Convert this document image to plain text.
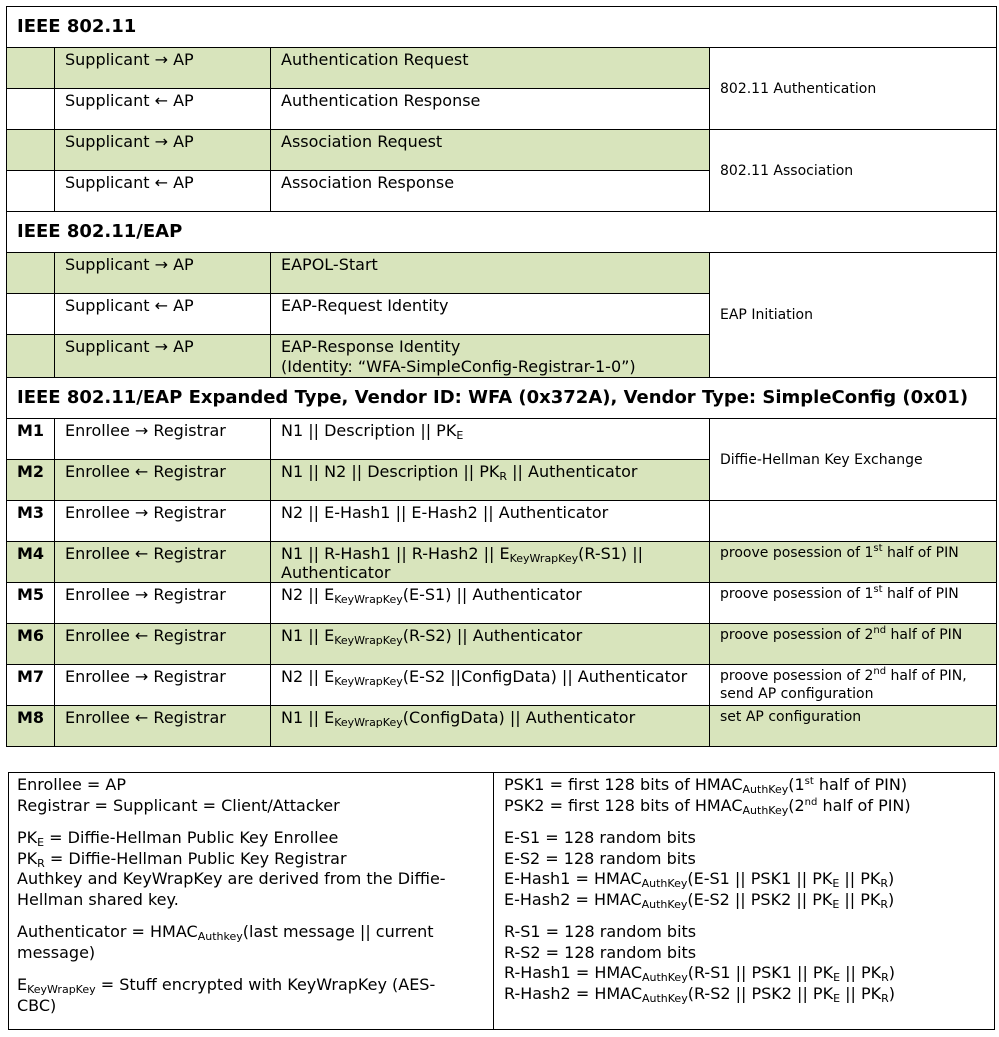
IEEE 802.11			
	Supplicant → AP	Authentication Request	802.11 Authentication
	Supplicant ← AP	Authentication Response	
	Supplicant → AP	Association Request	802.11 Association
	Supplicant ← AP	Association Response	
IEEE 802.11/EAP			
	Supplicant → AP	EAPOL-Start	EAP Initiation
	Supplicant ← AP	EAP-Request Identity	
	Supplicant → AP	EAP-Response Identity
(Identity: “WFA-SimpleConfig-Registrar-1-0”)	

IEEE 802.11/EAP Expanded Type, Vendor ID: WFA (0x372A), Vendor Type: SimpleConfig (0x01)			
M1	Enrollee → Registrar	N1 || Description || $PK_E$	Diffie-Hellman Key Exchange
M2	Enrollee ← Registrar	N1 || N2 || Description || $PK_R$ || Authenticator	
M3	Enrollee → Registrar	N2 || E-Hash1 || E-Hash2 || Authenticator	
M4	Enrollee ← Registrar	N1 || R-Hash1 || R-Hash2 || $E_{KeyWrapKey}(R-S1)$ ||
Authenticator	proove posession of 1st half of PIN
M5	Enrollee → Registrar	N2 || $E_{KeyWrapKey}(E-S1)$ || Authenticator	proove posession of 1st half of PIN
M6	Enrollee ← Registrar	N1 || $E_{KeyWrapKey}(R-S2)$ || Authenticator	proove posession of 2nd half of PIN
M7	Enrollee → Registrar	N2 || $E_{KeyWrapKey}(E-S2$ ||ConfigData) || Authenticator	proove posession of 2nd half of PIN,
send AP configuration
M8	Enrollee ← Registrar	N1 || $E_{KeyWrapKey}(ConfigData)$ || Authenticator	set AP configuration
Enrollee = AP
Registrar = Supplicant = Client/Attacker
$PK_E$ = Diffie-Hellman Public Key Enrollee
$PK_R$ = Diffie-Hellman Public Key Registrar
Authkey and KeyWrapKey are derived from the Diffie-
Hellman shared key.
Authenticator = $HMAC_{Authkey}(last$ message || current
message)
$E_{KeyWrapKey}$ = Stuff encrypted with KeyWrapKey (AES-
CBC)
PSK1 = first 128 bits of $HMAC_{AuthKey}(1st$ half of PIN)
PSK2 = first 128 bits of $HMAC_{AuthKey}(2nd$ half of PIN)
E-S1 = 128 random bits
E-S2 = 128 random bits
E-Hash1 = $HMAC_{AuthKey}(E-S1$ || PSK1 || $PK_E$ || $PK_R$)
E-Hash2 = $HMAC_{AuthKey}(E-S2$ || PSK2 || $PK_E$ || $PK_R$)
R-S1 = 128 random bits
R-S2 = 128 random bits
R-Hash1 = $HMAC_{AuthKey}(R-S1$ || PSK1 || $PK_E$ || $PK_R$)
R-Hash2 = $HMAC_{AuthKey}(R-S2$ || PSK2 || $PK_E$ || $PK_R$)
